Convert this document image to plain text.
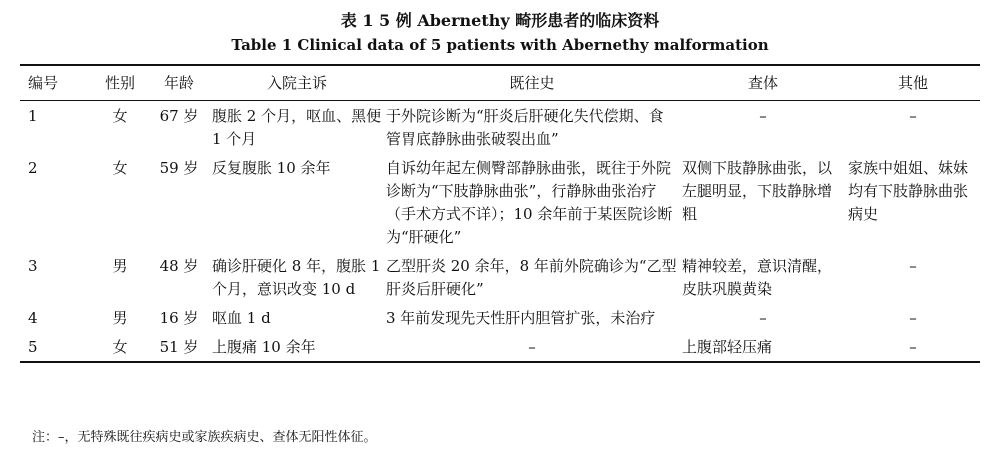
表 1 5 例 Abernethy 畸形患者的临床资料
Table 1 Clinical data of 5 patients with Abernethy malformation
编号	性别	年龄	入院主诉	既往史	查体	其他
1	女	67 岁	腹胀 2 个月，呕血、黑便 1 个月	于外院诊断为“肝炎后肝硬化失代偿期、食管胃底静脉曲张破裂出血”	–	–
2	女	59 岁	反复腹胀 10 余年	自诉幼年起左侧臀部静脉曲张，既往于外院诊断为“下肢静脉曲张”，行静脉曲张治疗（手术方式不详）；10 余年前于某医院诊断为“肝硬化”	双侧下肢静脉曲张，以左腿明显，下肢静脉增粗	家族中姐姐、妹妹均有下肢静脉曲张病史
3	男	48 岁	确诊肝硬化 8 年，腹胀 1 个月，意识改变 10 d	乙型肝炎 20 余年，8 年前外院确诊为“乙型肝炎后肝硬化”	精神较差，意识清醒，皮肤巩膜黄染	–
4	男	16 岁	呕血 1 d	3 年前发现先天性肝内胆管扩张，未治疗	–	–
5	女	51 岁	上腹痛 10 余年	–	上腹部轻压痛	–
注：–，无特殊既往疾病史或家族疾病史、查体无阳性体征。
